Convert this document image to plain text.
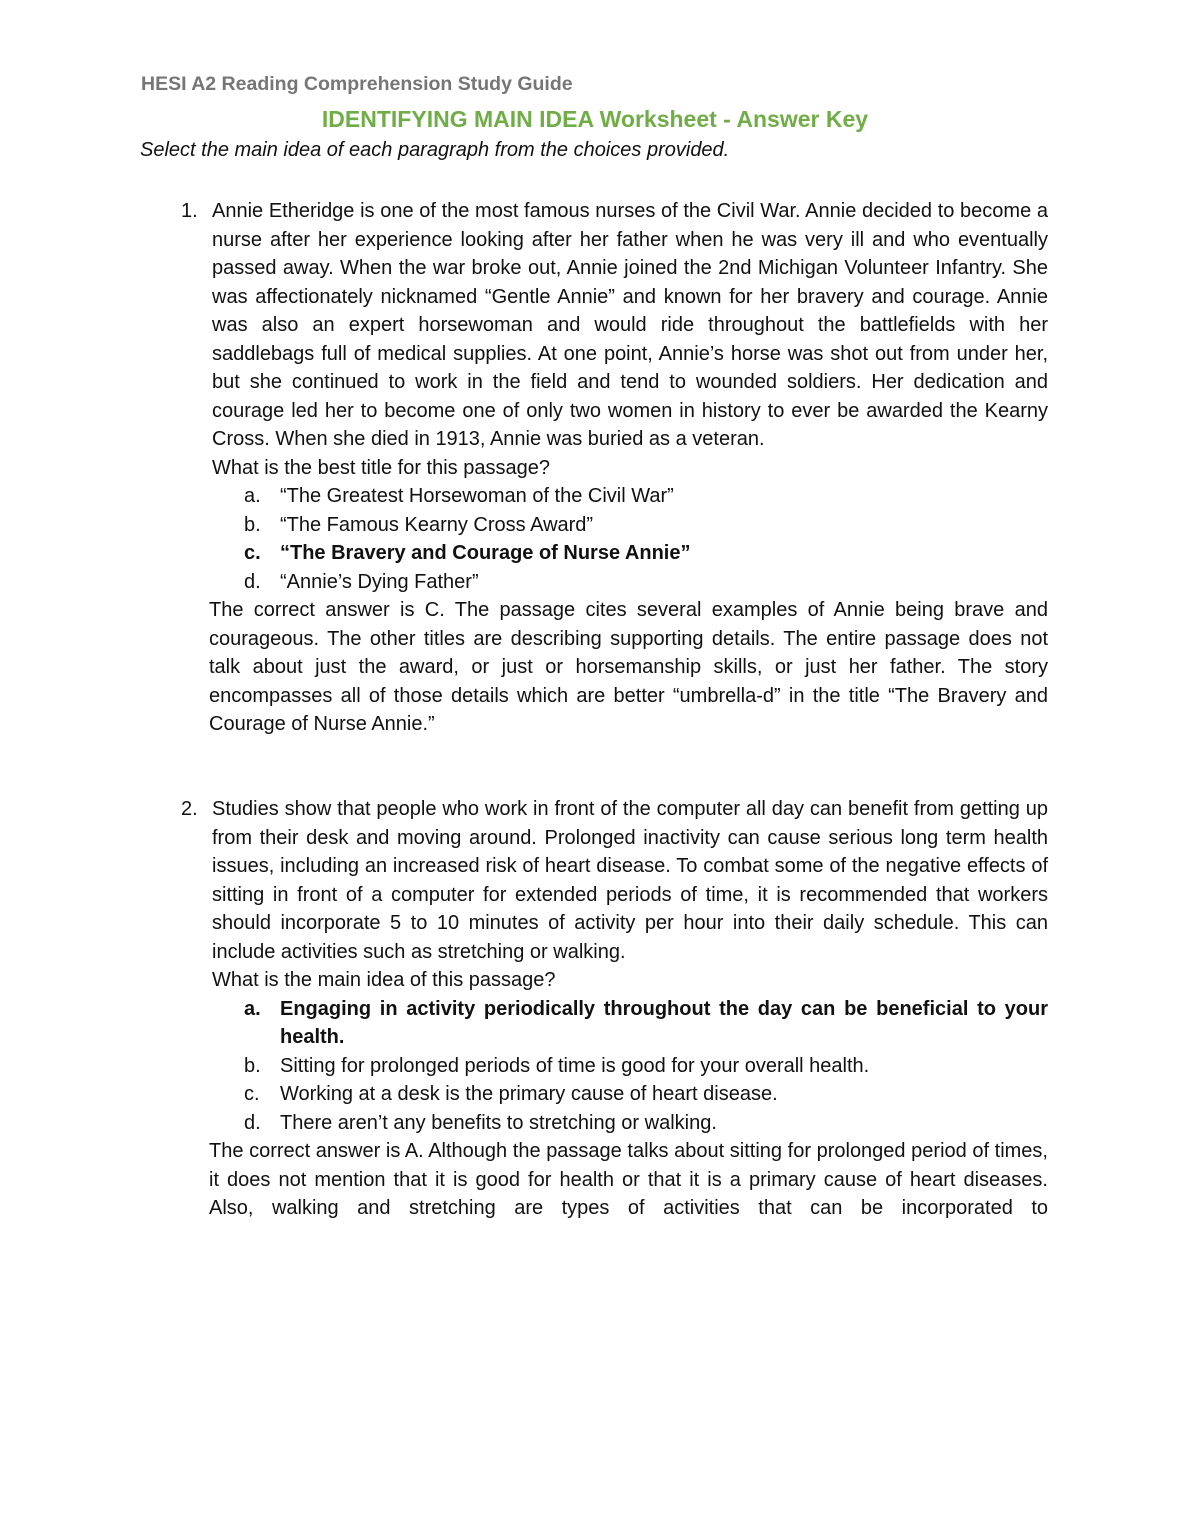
HESI A2 Reading Comprehension Study Guide
IDENTIFYING MAIN IDEA Worksheet - Answer Key
Select the main idea of each paragraph from the choices provided.
1. Annie Etheridge is one of the most famous nurses of the Civil War. Annie decided to become a nurse after her experience looking after her father when he was very ill and who eventually passed away. When the war broke out, Annie joined the 2nd Michigan Volunteer Infantry. She was affectionately nicknamed “Gentle Annie” and known for her bravery and courage. Annie was also an expert horsewoman and would ride throughout the battlefields with her saddlebags full of medical supplies. At one point, Annie’s horse was shot out from under her, but she continued to work in the field and tend to wounded soldiers. Her dedication and courage led her to become one of only two women in history to ever be awarded the Kearny Cross. When she died in 1913, Annie was buried as a veteran.
What is the best title for this passage?
a. “The Greatest Horsewoman of the Civil War”
b. “The Famous Kearny Cross Award”
c. “The Bravery and Courage of Nurse Annie”
d. “Annie’s Dying Father”
The correct answer is C. The passage cites several examples of Annie being brave and courageous. The other titles are describing supporting details. The entire passage does not talk about just the award, or just or horsemanship skills, or just her father. The story encompasses all of those details which are better “umbrella-d” in the title “The Bravery and Courage of Nurse Annie.”
2. Studies show that people who work in front of the computer all day can benefit from getting up from their desk and moving around. Prolonged inactivity can cause serious long term health issues, including an increased risk of heart disease. To combat some of the negative effects of sitting in front of a computer for extended periods of time, it is recommended that workers should incorporate 5 to 10 minutes of activity per hour into their daily schedule. This can include activities such as stretching or walking.
What is the main idea of this passage?
a. Engaging in activity periodically throughout the day can be beneficial to your health.
b. Sitting for prolonged periods of time is good for your overall health.
c. Working at a desk is the primary cause of heart disease.
d. There aren’t any benefits to stretching or walking.
The correct answer is A. Although the passage talks about sitting for prolonged period of times, it does not mention that it is good for health or that it is a primary cause of heart diseases. Also, walking and stretching are types of activities that can be incorporated to
